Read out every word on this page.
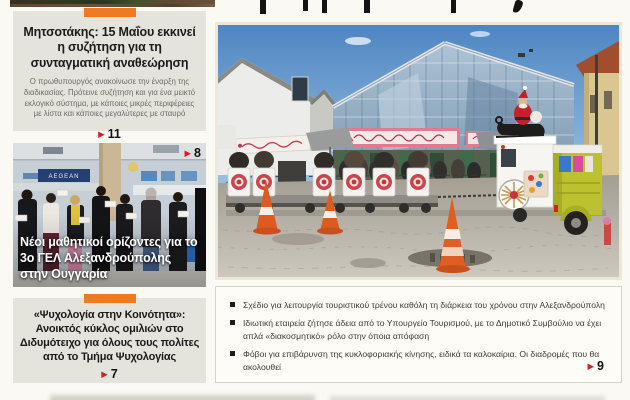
Μητσοτάκης: 15 Μαΐου εκκινεί η συζήτηση για τη συνταγματική αναθεώρηση

Ο πρωθυπουργός ανακοίνωσε την έναρξη της διαδικασίας. Πρότεινε συζήτηση και για ένα μεικτό εκλογικό σύστημα, με κάποιες μικρές περιφέρειες με λίστα και κάποιες μεγαλύτερες με σταυρό

▶ 11
AEGEAN
▶ 8
Νέοι μαθητικοί ορίζοντες για το 3ο ΓΕΛ Αλεξανδρούπολης στην Ουγγαρία
«Ψυχολογία στην Κοινότητα»: Ανοικτός κύκλος ομιλιών στο Διδυμότειχο για όλους τους πολίτες από το Τμήμα Ψυχολογίας
▶ 7
Σχέδιο για λειτουργία τουριστικού τρένου καθόλη τη διάρκεια του χρόνου στην Αλεξανδρούπολη
Ιδιωτική εταιρεία ζήτησε άδεια από το Υπουργείο Τουρισμού, με το Δημοτικό Συμβούλιο να έχει απλά «διακοσμητικό» ρόλο στην όποια απόφαση
Φόβοι για επιβάρυνση της κυκλοφοριακής κίνησης, ειδικά τα καλοκαίρια. Οι διαδρομές που θα ακολουθεί	▶ 9
